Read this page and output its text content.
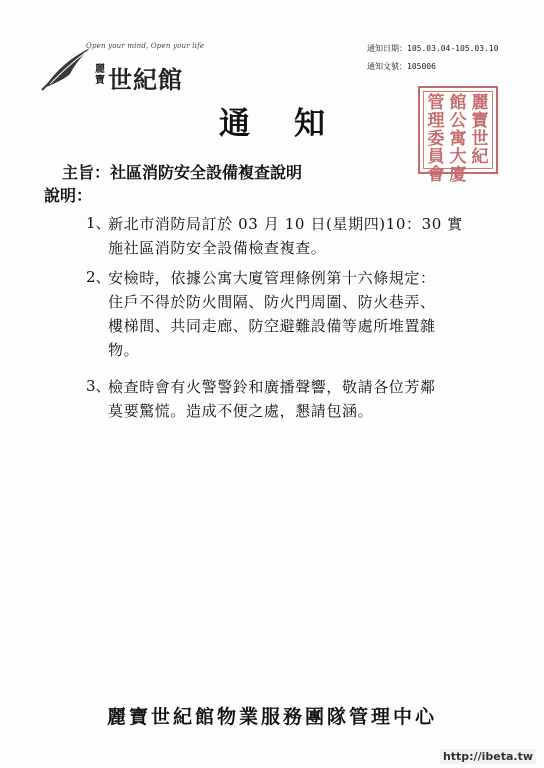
Open your mind, Open your life
麗寶 世紀館
通知日期：105.03.04-105.03.10
通知文號：105006
麗
寶
世
紀
館
公
寓
大
廈
管
理
委
員
會
通知
主旨：社區消防安全設備複查說明
說明：
1、
新北市消防局訂於 03 月 10 日(星期四)10：30 實
施社區消防安全設備檢查複查。
2、
安檢時，依據公寓大廈管理條例第十六條規定：
住戶不得於防火間隔、防火門周圍、防火巷弄、
樓梯間、共同走廊、防空避難設備等處所堆置雜
物。
3、
檢查時會有火警警鈴和廣播聲響，敬請各位芳鄰
莫要驚慌。造成不便之處，懇請包涵。
麗寶世紀館物業服務團隊管理中心
http://ibeta.tw
